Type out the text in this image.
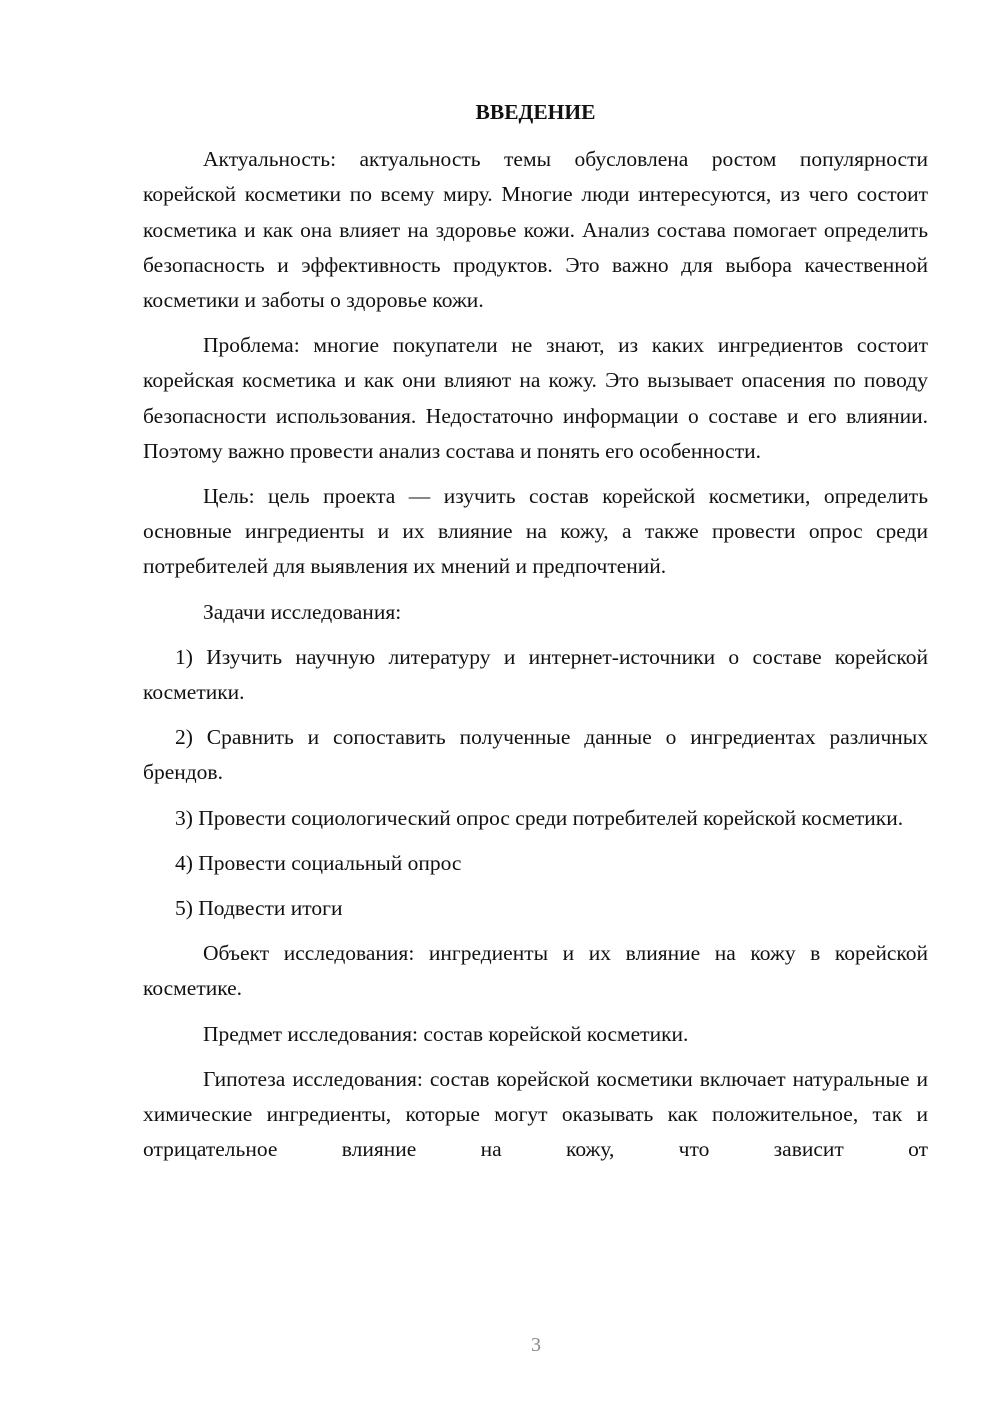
ВВЕДЕНИЕ

Актуальность: актуальность темы обусловлена ростом популярности корейской косметики по всему миру. Многие люди интересуются, из чего состоит косметика и как она влияет на здоровье кожи. Анализ состава помогает определить безопасность и эффективность продуктов. Это важно для выбора качественной косметики и заботы о здоровье кожи.

Проблема: многие покупатели не знают, из каких ингредиентов состоит корейская косметика и как они влияют на кожу. Это вызывает опасения по поводу безопасности использования. Недостаточно информации о составе и его влиянии. Поэтому важно провести анализ состава и понять его особенности.

Цель: цель проекта — изучить состав корейской косметики, определить основные ингредиенты и их влияние на кожу, а также провести опрос среди потребителей для выявления их мнений и предпочтений.

Задачи исследования:

1) Изучить научную литературу и интернет-источники о составе корейской косметики.

2) Сравнить и сопоставить полученные данные о ингредиентах различных брендов.

3) Провести социологический опрос среди потребителей корейской косметики.

4) Провести социальный опрос

5) Подвести итоги

Объект исследования: ингредиенты и их влияние на кожу в корейской косметике.

Предмет исследования: состав корейской косметики.

Гипотеза исследования: состав корейской косметики включает натуральные и химические ингредиенты, которые могут оказывать как положительное, так и отрицательное влияние на кожу, что зависит от

3
